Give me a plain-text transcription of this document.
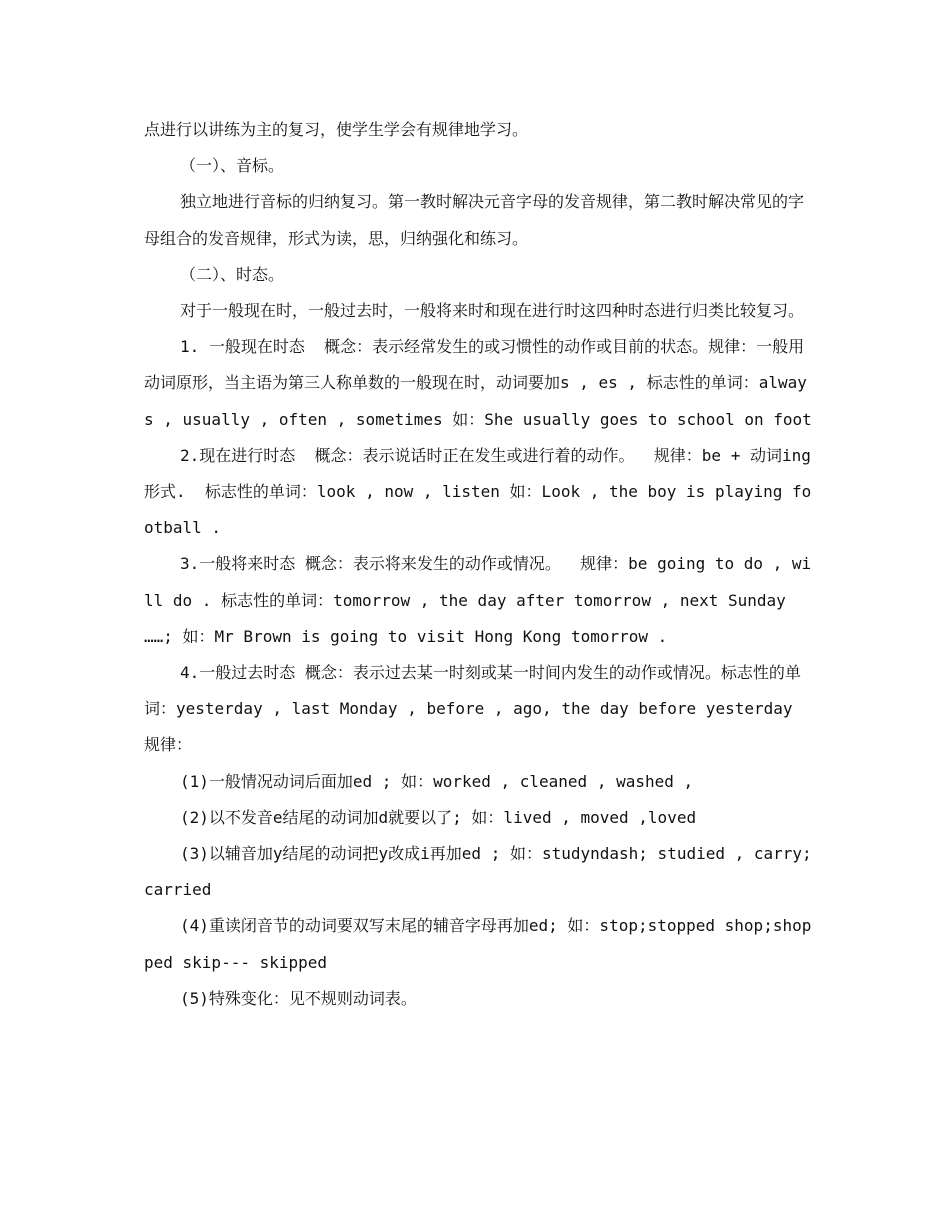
点进行以讲练为主的复习，使学生学会有规律地学习。

（一）、音标。

独立地进行音标的归纳复习。第一教时解决元音字母的发音规律，第二教时解决常见的字母组合的发音规律，形式为读，思，归纳强化和练习。

（二）、时态。

对于一般现在时，一般过去时，一般将来时和现在进行时这四种时态进行归类比较复习。

1. 一般现在时态  概念：表示经常发生的或习惯性的动作或目前的状态。规律：一般用动词原形，当主语为第三人称单数的一般现在时，动词要加s , es , 标志性的单词：always , usually , often , sometimes 如：She usually goes to school on foot

2.现在进行时态  概念：表示说话时正在发生或进行着的动作。  规律：be + 动词ing 形式.  标志性的单词：look , now , listen 如：Look , the boy is playing football .

3.一般将来时态 概念：表示将来发生的动作或情况。  规律：be going to do , will do . 标志性的单词：tomorrow , the day after tomorrow , next Sunday ……; 如：Mr Brown is going to visit Hong Kong tomorrow .

4.一般过去时态 概念：表示过去某一时刻或某一时间内发生的动作或情况。标志性的单词：yesterday , last Monday , before , ago, the day before yesterday 规律：

(1)一般情况动词后面加ed ; 如：worked , cleaned , washed ,

(2)以不发音e结尾的动词加d就要以了; 如：lived , moved ,loved

(3)以辅音加y结尾的动词把y改成i再加ed ; 如：studyndash; studied , carry;carried

(4)重读闭音节的动词要双写末尾的辅音字母再加ed; 如：stop;stopped shop;shopped skip--- skipped

(5)特殊变化：见不规则动词表。
